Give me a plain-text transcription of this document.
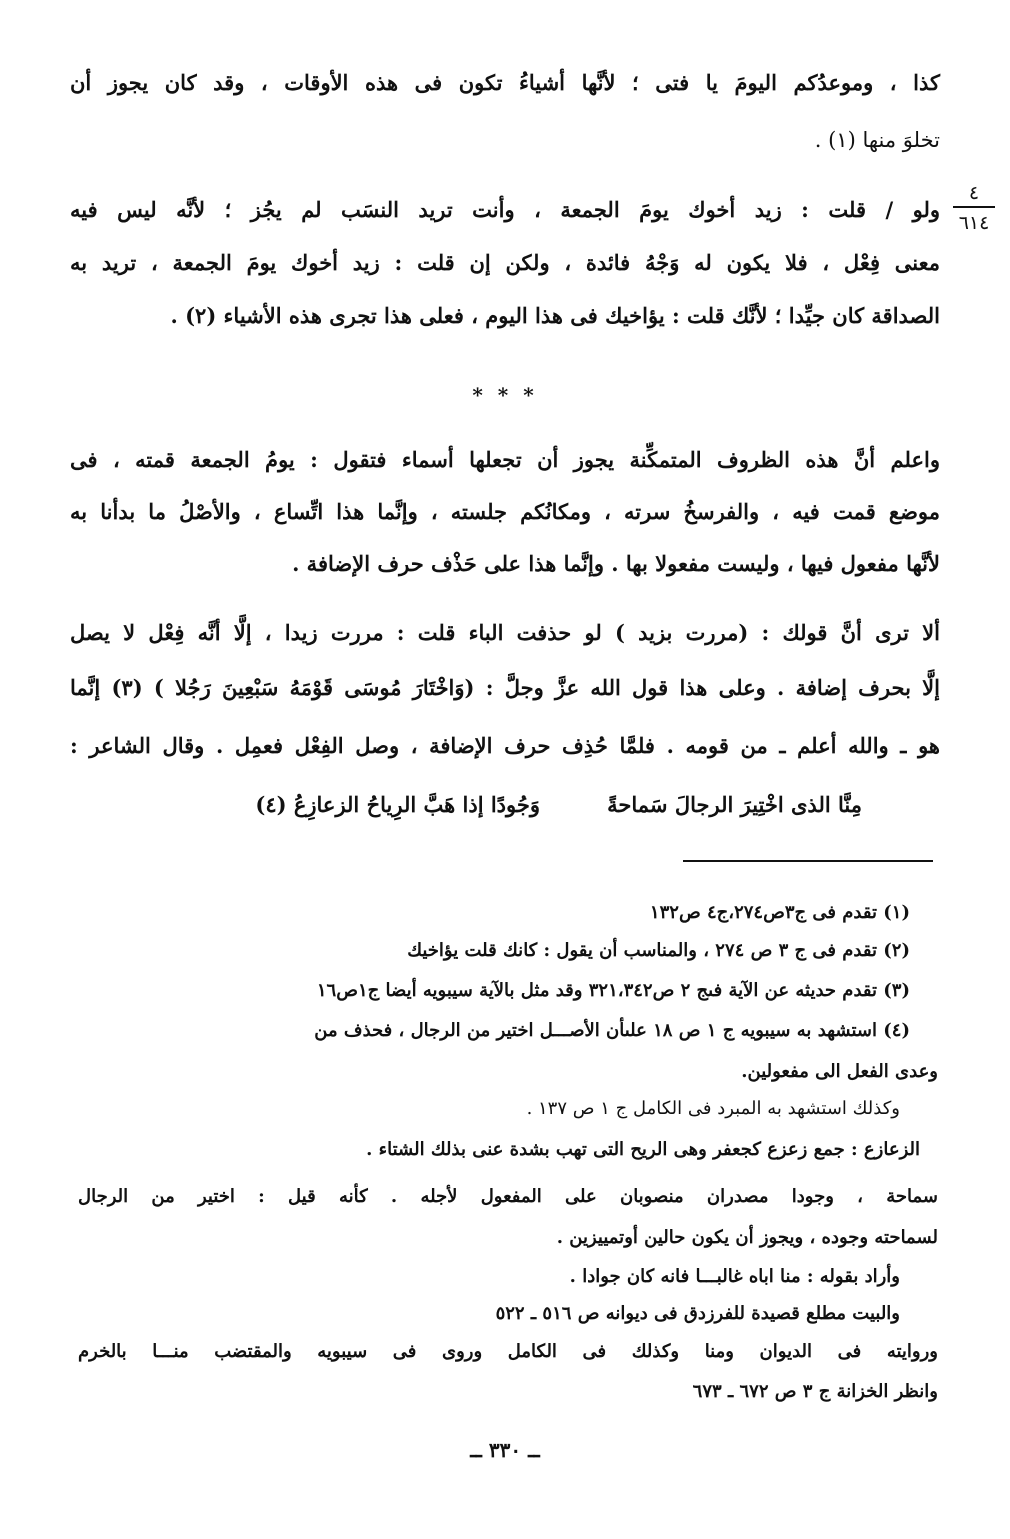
٤
٦١٤
كذا ، وموعدُكم اليومَ يا فتى ؛ لأنَّها أشياءُ تكون فى هذه الأوقات ، وقد كان يجوز أن
تخلوَ منها (١) .
ولو / قلت : زيد أخوك يومَ الجمعة ، وأنت تريد النسَب لم يجُز ؛ لأنَّه ليس فيه
معنى فِعْل ، فلا يكون له وَجْهُ فائدة ، ولكن إن قلت : زيد أخوك يومَ الجمعة ، تريد به
الصداقة كان جيِّدا ؛ لأنَّك قلت : يؤاخيك فى هذا اليوم ، فعلى هذا تجرى هذه الأشياء (٢) .
* * *
واعلم أنَّ هذه الظروف المتمكِّنة يجوز أن تجعلها أسماء فتقول : يومُ الجمعة قمته ، فى
موضع قمت فيه ، والفرسخُ سرته ، ومكانُكم جلسته ، وإنَّما هذا اتِّساع ، والأصْلُ ما بدأنا به
لأنَّها مفعول فيها ، وليست مفعولا بها . وإنَّما هذا على حَذْف حرف الإضافة .
ألا ترى أنَّ قولك : (مررت بزيد ) لو حذفت الباء قلت : مررت زيدا ، إلَّا أنَّه فِعْل لا يصل
إلَّا بحرف إضافة . وعلى هذا قول الله عزَّ وجلَّ : (وَاخْتَارَ مُوسَى قَوْمَهُ سَبْعِينَ رَجُلا ) (٣) إنَّما
هو ـ والله أعلم ـ من قومه . فلمَّا حُذِف حرف الإضافة ، وصل الفِعْل فعمِل . وقال الشاعر :
مِنَّا الذى اخْتِيرَ الرجالَ سَماحةً
وَجُودًا إذا هَبَّ الرِياحُ الزعازِعُ (٤)
(١) تقدم فى ج٣ص٢٧٤،ج٤ ص١٣٢
(٢) تقدم فى ج ٣ ص ٢٧٤ ، والمناسب أن يقول : كانك قلت يؤاخيك
(٣) تقدم حديثه عن الآية فىج ٢ ص٣٢١،٣٤٢ وقد مثل بالآية سيبويه أيضا ج١ص١٦
(٤) استشهد به سيبويه ج ١ ص ١٨ علىأن الأصـــل اختير من الرجال ، فحذف من
وعدى الفعل الى مفعولين.
وكذلك استشهد به المبرد فى الكامل ج ١ ص ١٣٧ .
الزعازع : جمع زعزع كجعفر وهى الريح التى تهب بشدة عنى بذلك الشتاء .
سماحة ، وجودا مصدران منصوبان على المفعول لأجله . كأنه قيل : اختير من الرجال
لسماحته وجوده ، ويجوز أن يكون حالين أوتمييزين .
وأراد بقوله : منا اباه غالبـــا فانه كان جوادا .
والبيت مطلع قصيدة للفرزدق فى ديوانه ص ٥١٦ ـ ٥٢٢
وروايته فى الديوان ومنا وكذلك فى الكامل وروى فى سيبويه والمقتضب منـــا بالخرم
وانظر الخزانة ج ٣ ص ٦٧٢ ـ ٦٧٣
ــ ٣٣٠ ــ
